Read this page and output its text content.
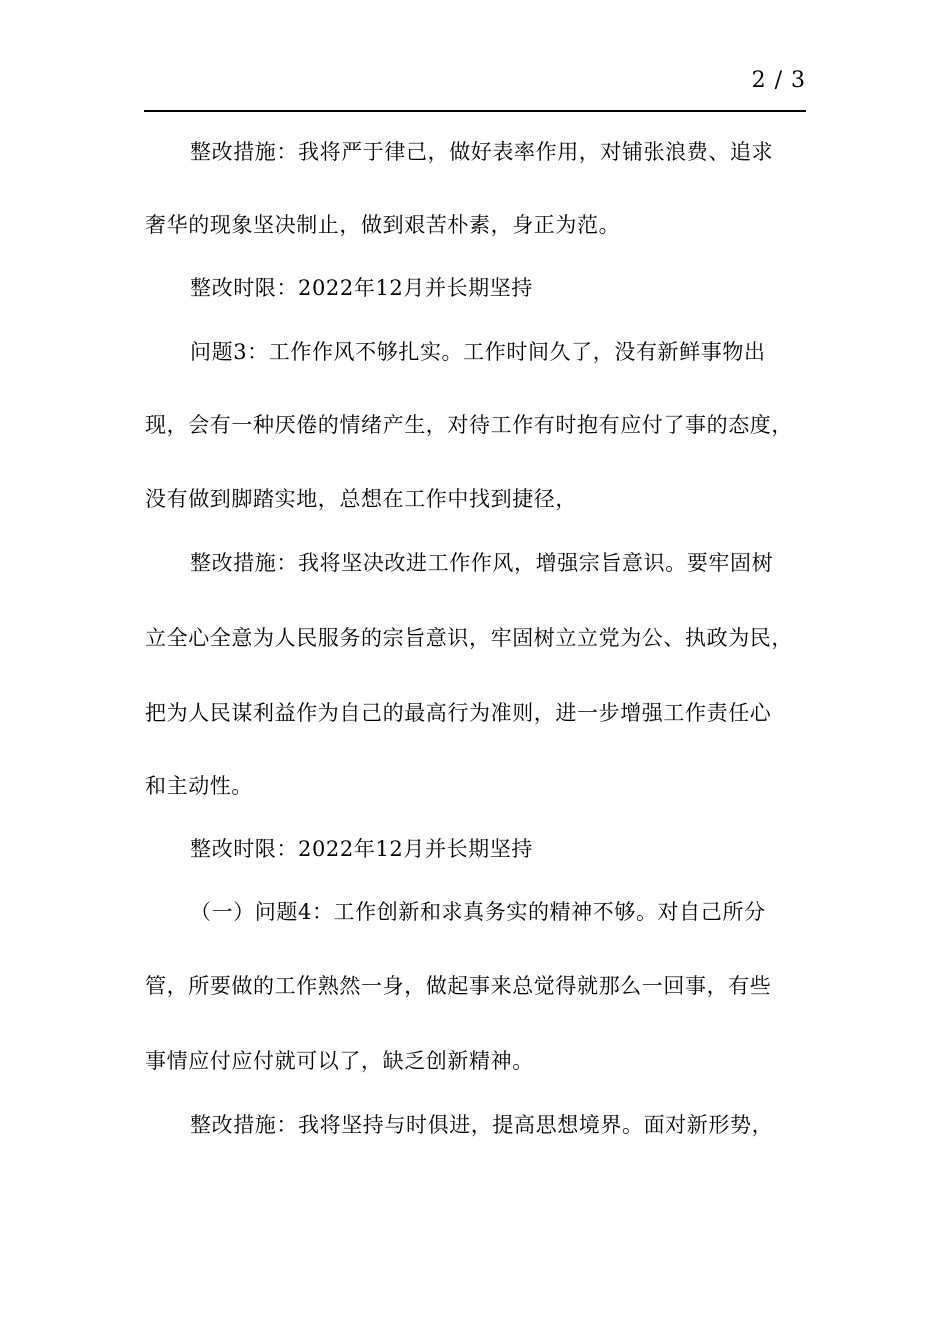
2 / 3
整改措施：我将严于律己，做好表率作用，对铺张浪费、追求
奢华的现象坚决制止，做到艰苦朴素，身正为范。
整改时限：2022年12月并长期坚持
问题3：工作作风不够扎实。工作时间久了，没有新鲜事物出
现，会有一种厌倦的情绪产生，对待工作有时抱有应付了事的态度，
没有做到脚踏实地，总想在工作中找到捷径，
整改措施：我将坚决改进工作作风，增强宗旨意识。要牢固树
立全心全意为人民服务的宗旨意识，牢固树立立党为公、执政为民，
把为人民谋利益作为自己的最高行为准则，进一步增强工作责任心
和主动性。
整改时限：2022年12月并长期坚持
（一）问题4：工作创新和求真务实的精神不够。对自己所分
管，所要做的工作熟然一身，做起事来总觉得就那么一回事，有些
事情应付应付就可以了，缺乏创新精神。
整改措施：我将坚持与时俱进，提高思想境界。面对新形势，
